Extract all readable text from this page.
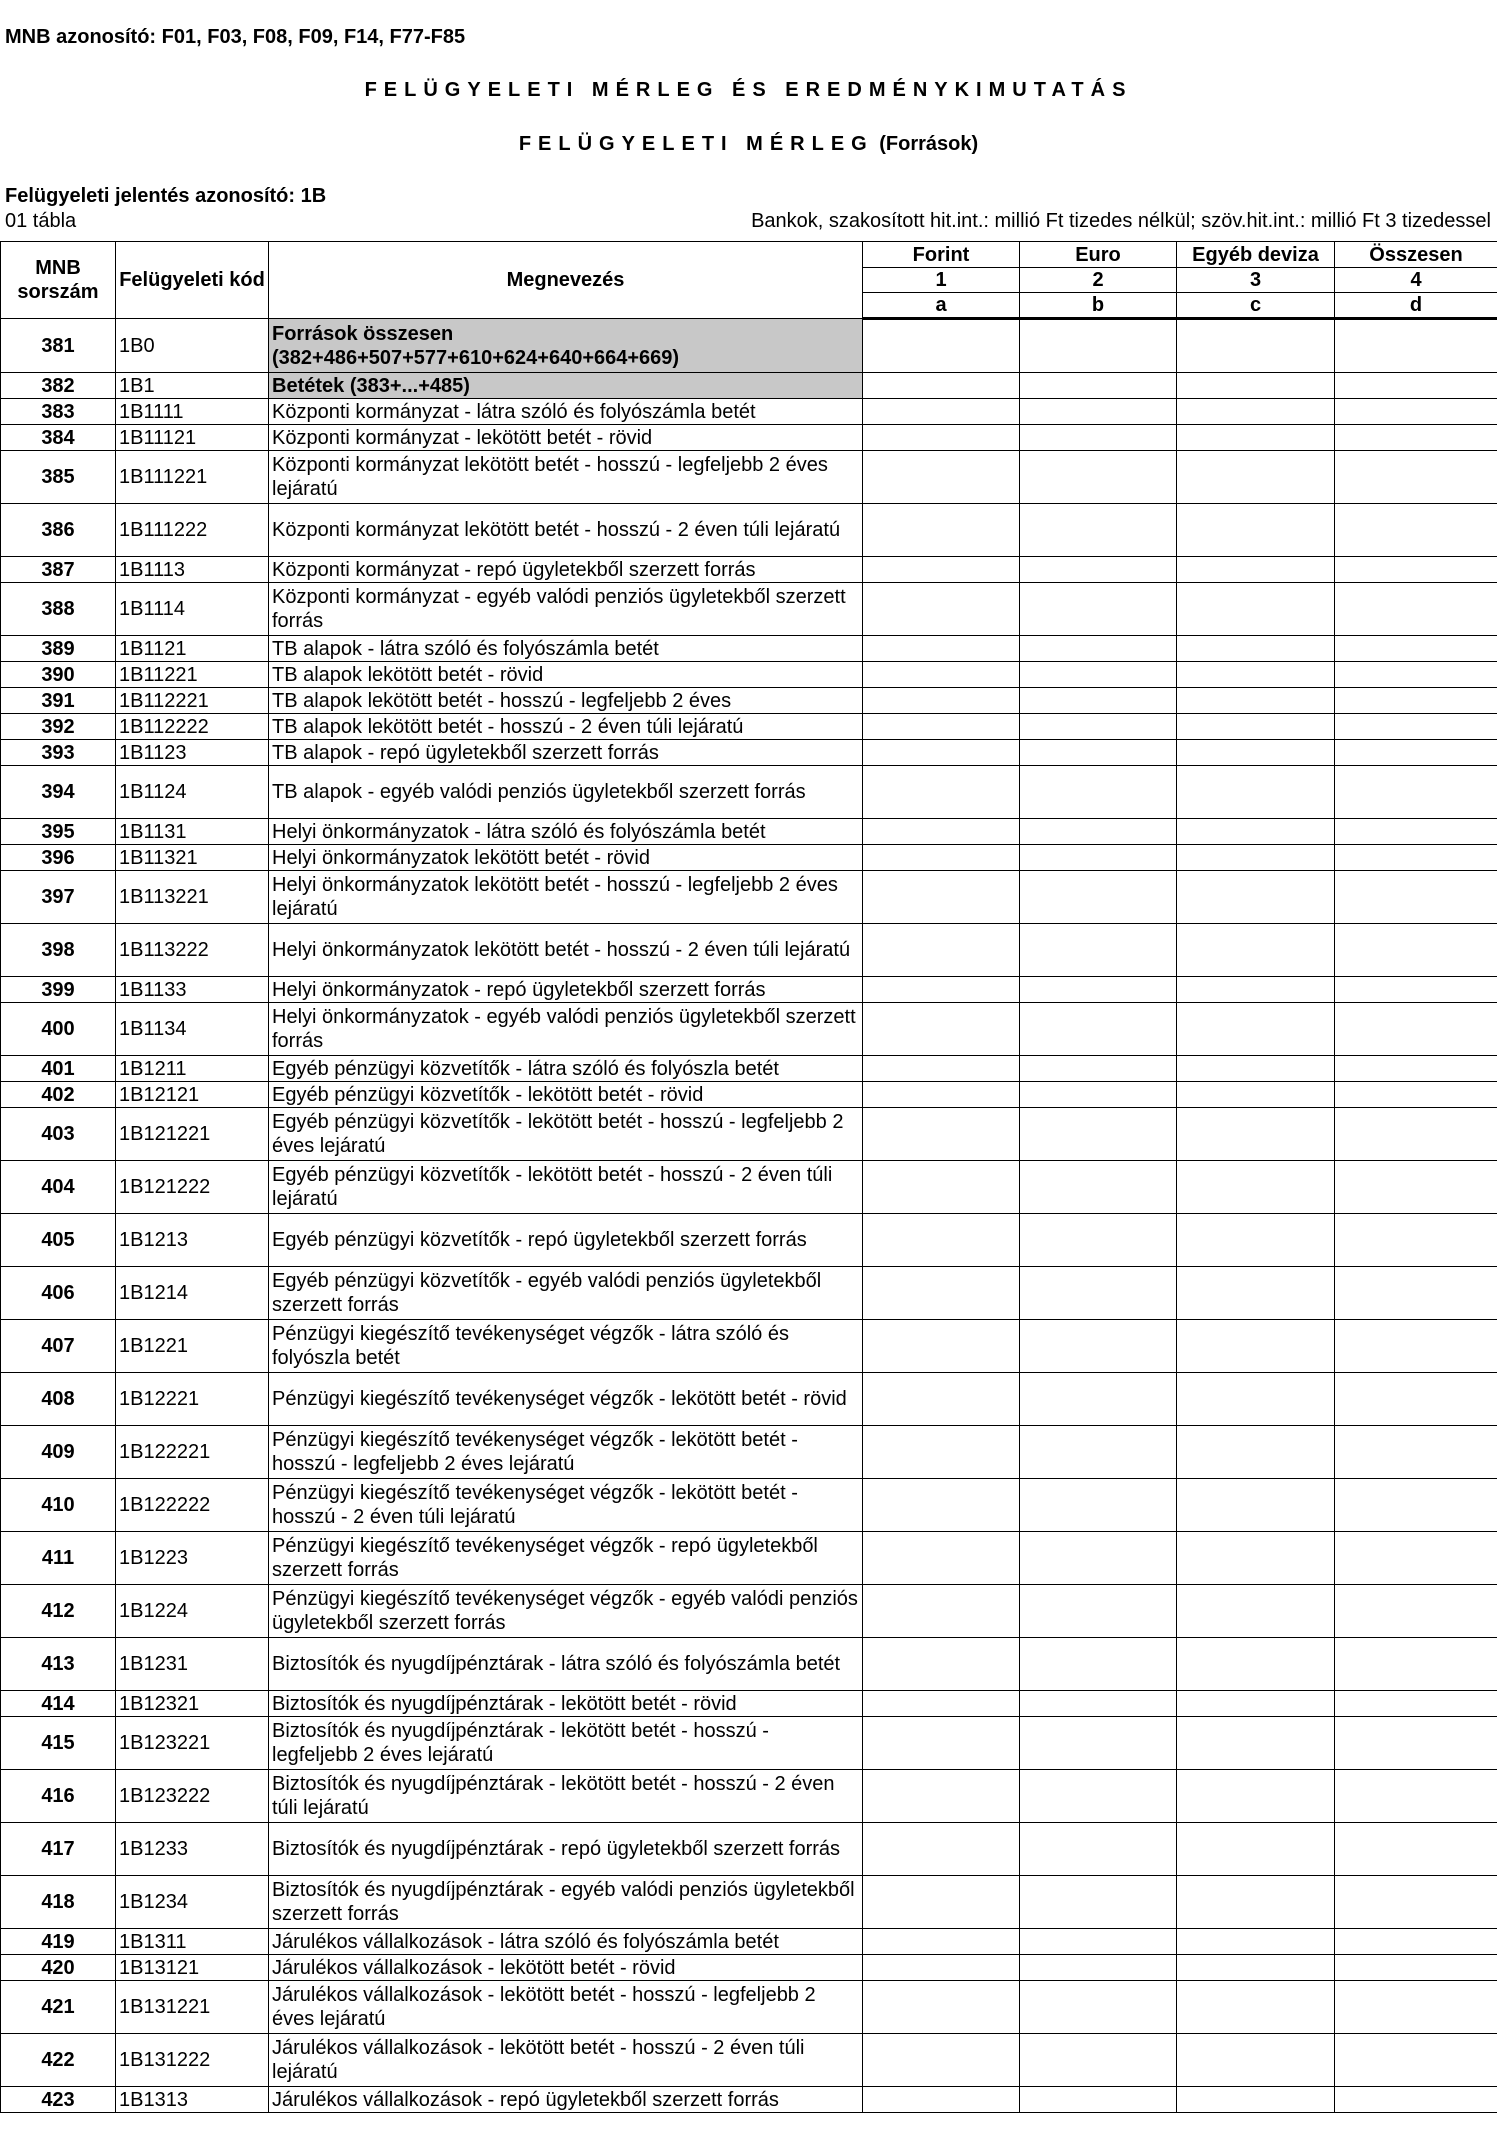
MNB azonosító: F01, F03, F08, F09, F14, F77-F85
FELÜGYELETI MÉRLEG ÉS EREDMÉNYKIMUTATÁS
FELÜGYELETI MÉRLEG (Források)
Felügyeleti jelentés azonosító: 1B
01 tábla	Bankok, szakosított hit.int.: millió Ft tizedes nélkül; szöv.hit.int.: millió Ft 3 tizedessel
MNB sorszám	Felügyeleti kód	Megnevezés	Forint	Euro	Egyéb deviza	Összesen
			1	2	3	4
			a	b	c	d
381	1B0	Források összesen (382+486+507+577+610+624+640+664+669)				
382	1B1	Betétek (383+...+485)				
383	1B1111	Központi kormányzat - látra szóló és folyószámla betét				
384	1B11121	Központi kormányzat - lekötött betét - rövid				
385	1B111221	Központi kormányzat lekötött betét - hosszú - legfeljebb 2 éves lejáratú				
386	1B111222	Központi kormányzat lekötött betét - hosszú - 2 éven túli lejáratú				
387	1B1113	Központi kormányzat - repó ügyletekből szerzett forrás				
388	1B1114	Központi kormányzat - egyéb valódi penziós ügyletekből szerzett forrás				
389	1B1121	TB alapok - látra szóló és folyószámla betét				
390	1B11221	TB alapok lekötött betét - rövid				
391	1B112221	TB alapok lekötött betét - hosszú - legfeljebb 2 éves				
392	1B112222	TB alapok lekötött betét - hosszú - 2 éven túli lejáratú				
393	1B1123	TB alapok - repó ügyletekből szerzett forrás				
394	1B1124	TB alapok - egyéb valódi penziós ügyletekből szerzett forrás				
395	1B1131	Helyi önkormányzatok - látra szóló és folyószámla betét				
396	1B11321	Helyi önkormányzatok lekötött betét - rövid				
397	1B113221	Helyi önkormányzatok lekötött betét - hosszú - legfeljebb 2 éves lejáratú				
398	1B113222	Helyi önkormányzatok lekötött betét - hosszú - 2 éven túli lejáratú				
399	1B1133	Helyi önkormányzatok - repó ügyletekből szerzett forrás				
400	1B1134	Helyi önkormányzatok - egyéb valódi penziós ügyletekből szerzett forrás				
401	1B1211	Egyéb pénzügyi közvetítők - látra szóló és folyószla betét				
402	1B12121	Egyéb pénzügyi közvetítők - lekötött betét - rövid				
403	1B121221	Egyéb pénzügyi közvetítők - lekötött betét - hosszú - legfeljebb 2 éves lejáratú				
404	1B121222	Egyéb pénzügyi közvetítők - lekötött betét - hosszú - 2 éven túli lejáratú				
405	1B1213	Egyéb pénzügyi közvetítők - repó ügyletekből szerzett forrás				
406	1B1214	Egyéb pénzügyi közvetítők - egyéb valódi penziós ügyletekből szerzett forrás				
407	1B1221	Pénzügyi kiegészítő tevékenységet végzők - látra szóló és folyószla betét				
408	1B12221	Pénzügyi kiegészítő tevékenységet végzők - lekötött betét - rövid				
409	1B122221	Pénzügyi kiegészítő tevékenységet végzők - lekötött betét - hosszú - legfeljebb 2 éves lejáratú				
410	1B122222	Pénzügyi kiegészítő tevékenységet végzők - lekötött betét - hosszú - 2 éven túli lejáratú				
411	1B1223	Pénzügyi kiegészítő tevékenységet végzők - repó ügyletekből szerzett forrás				
412	1B1224	Pénzügyi kiegészítő tevékenységet végzők - egyéb valódi penziós ügyletekből szerzett forrás				
413	1B1231	Biztosítók és nyugdíjpénztárak - látra szóló és folyószámla betét				
414	1B12321	Biztosítók és nyugdíjpénztárak - lekötött betét - rövid				
415	1B123221	Biztosítók és nyugdíjpénztárak - lekötött betét - hosszú - legfeljebb 2 éves lejáratú				
416	1B123222	Biztosítók és nyugdíjpénztárak - lekötött betét - hosszú - 2 éven túli lejáratú				
417	1B1233	Biztosítók és nyugdíjpénztárak - repó ügyletekből szerzett forrás				
418	1B1234	Biztosítók és nyugdíjpénztárak - egyéb valódi penziós ügyletekből szerzett forrás				
419	1B1311	Járulékos vállalkozások - látra szóló és folyószámla betét				
420	1B13121	Járulékos vállalkozások - lekötött betét - rövid				
421	1B131221	Járulékos vállalkozások - lekötött betét - hosszú - legfeljebb 2 éves lejáratú				
422	1B131222	Járulékos vállalkozások - lekötött betét - hosszú - 2 éven túli lejáratú				
423	1B1313	Járulékos vállalkozások - repó ügyletekből szerzett forrás				
